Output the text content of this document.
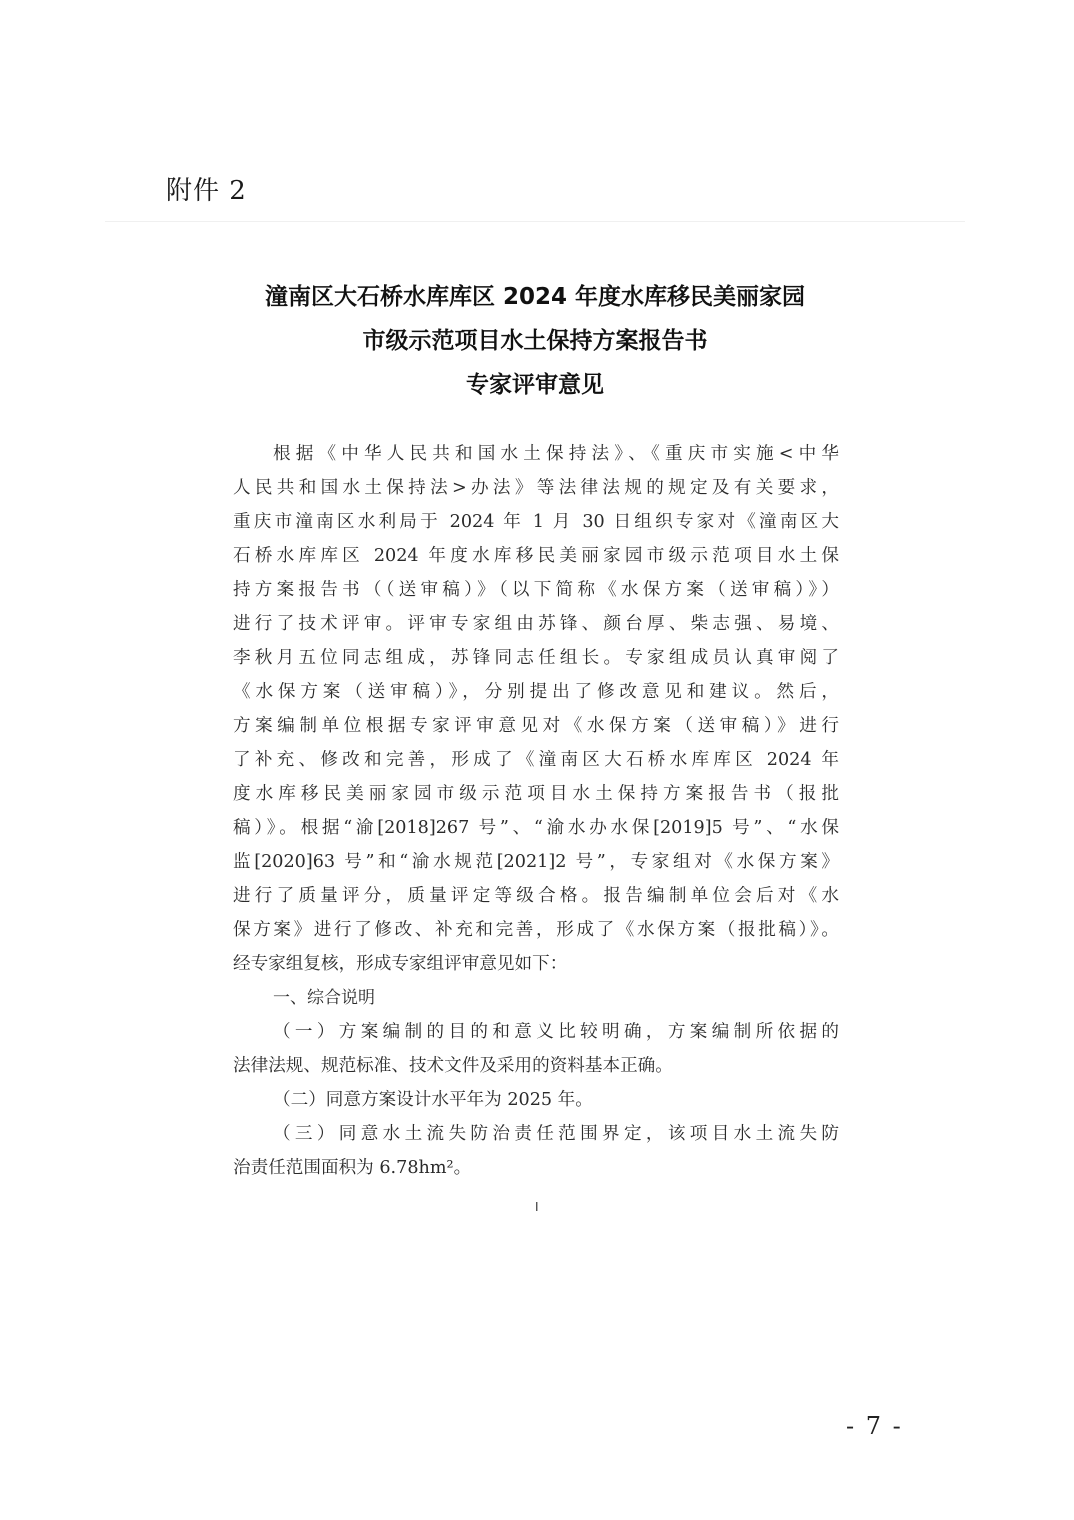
附件 2
潼南区大石桥水库库区 2024 年度水库移民美丽家园
市级示范项目水土保持方案报告书
专家评审意见
根据《中华人民共和国水土保持法》、《重庆市实施<中华
人民共和国水土保持法>办法》等法律法规的规定及有关要求，
重庆市潼南区水利局于 2024 年 1 月 30 日组织专家对《潼南区大
石桥水库库区 2024 年度水库移民美丽家园市级示范项目水土保
持方案报告书（（送审稿）》（以下简称《水保方案（送审稿）》）
进行了技术评审。评审专家组由苏锋、颜台厚、柴志强、易境、
李秋月五位同志组成，苏锋同志任组长。专家组成员认真审阅了
《水保方案（送审稿）》，分别提出了修改意见和建议。然后，
方案编制单位根据专家评审意见对《水保方案（送审稿）》进行
了补充、修改和完善，形成了《潼南区大石桥水库库区 2024 年
度水库移民美丽家园市级示范项目水土保持方案报告书（报批
稿）》。根据“渝[2018]267 号”、“渝水办水保[2019]5 号”、“水保
监[2020]63 号”和“渝水规范[2021]2 号”，专家组对《水保方案》
进行了质量评分，质量评定等级合格。报告编制单位会后对《水
保方案》进行了修改、补充和完善，形成了《水保方案（报批稿）》。
经专家组复核，形成专家组评审意见如下：
一、综合说明
（一）方案编制的目的和意义比较明确，方案编制所依据的
法律法规、规范标准、技术文件及采用的资料基本正确。
（二）同意方案设计水平年为 2025 年。
（三）同意水土流失防治责任范围界定，该项目水土流失防
治责任范围面积为 6.78hm²。
I
- 7 -
